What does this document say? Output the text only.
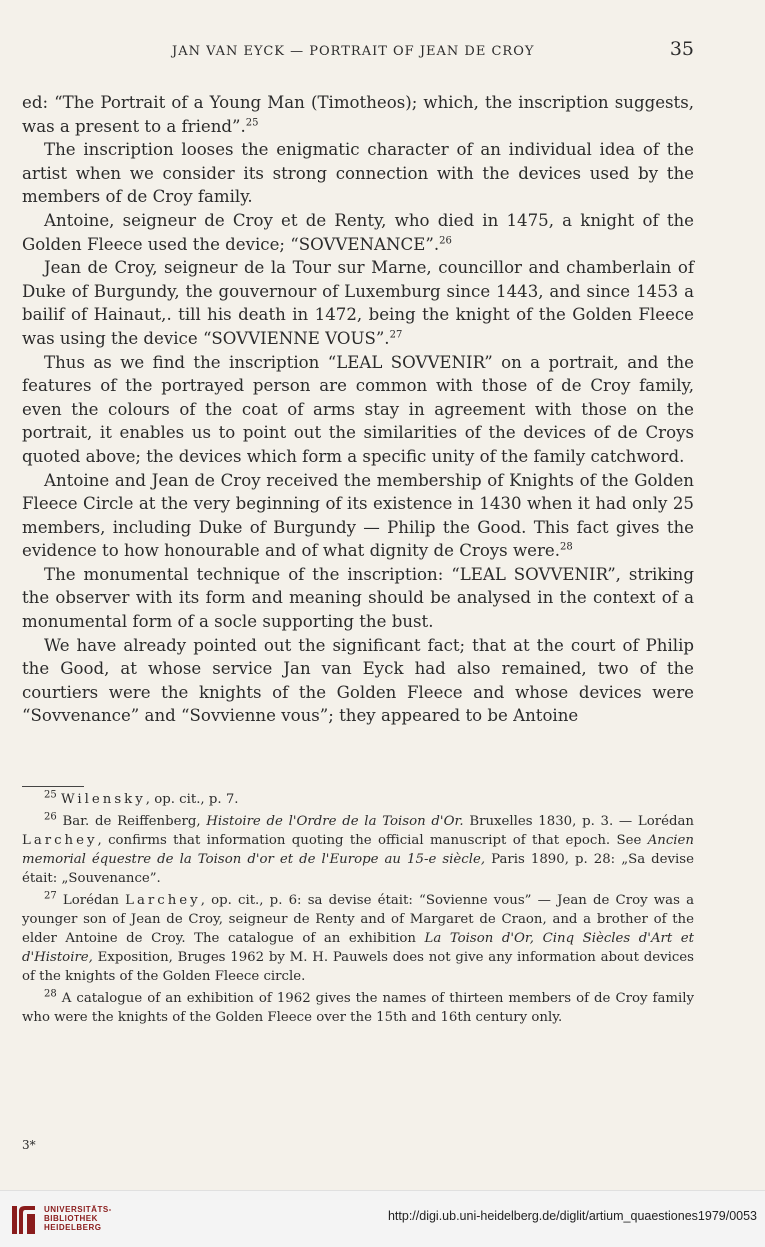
JAN VAN EYCK — PORTRAIT OF JEAN DE CROY	35

ed: “The Portrait of a Young Man (Timotheos); which, the inscription suggests, was a present to a friend”.$^{25}$

The inscription looses the enigmatic character of an individual idea of the artist when we consider its strong connection with the devices used by the members of de Croy family.

Antoine, seigneur de Croy et de Renty, who died in 1475, a knight of the Golden Fleece used the device; “SOVVENANCE”.$^{26}$

Jean de Croy, seigneur de la Tour sur Marne, councillor and chamberlain of Duke of Burgundy, the gouvernour of Luxemburg since 1443, and since 1453 a bailif of Hainaut,. till his death in 1472, being the knight of the Golden Fleece was using the device “SOVVIENNE VOUS”.$^{27}$

Thus as we find the inscription “LEAL SOVVENIR” on a portrait, and the features of the portrayed person are common with those of de Croy family, even the colours of the coat of arms stay in agreement with those on the portrait, it enables us to point out the similarities of the devices of de Croys quoted above; the devices which form a specific unity of the family catchword.

Antoine and Jean de Croy received the membership of Knights of the Golden Fleece Circle at the very beginning of its existence in 1430 when it had only 25 members, including Duke of Burgundy — Philip the Good. This fact gives the evidence to how honourable and of what dignity de Croys were.$^{28}$

The monumental technique of the inscription: “LEAL SOVVENIR”, striking the observer with its form and meaning should be analysed in the context of a monumental form of a socle supporting the bust.

We have already pointed out the significant fact; that at the court of Philip the Good, at whose service Jan van Eyck had also remained, two of the courtiers were the knights of the Golden Fleece and whose devices were “Sovvenance” and “Sovvienne vous”; they appeared to be Antoine

$^{25}$ Wilensky, op. cit., p. 7.

$^{26}$ Bar. de Reiffenberg, Histoire de l'Ordre de la Toison d'Or. Bruxelles 1830, p. 3. — Lorédan Larchey, confirms that information quoting the official manuscript of that epoch. See Ancien memorial équestre de la Toison d'or et de l'Europe au 15-e siècle, Paris 1890, p. 28: „Sa devise était: „Souvenance”.

$^{27}$ Lorédan Larchey, op. cit., p. 6: sa devise était: “Sovienne vous” — Jean de Croy was a younger son of Jean de Croy, seigneur de Renty and of Margaret de Craon, and a brother of the elder Antoine de Croy. The catalogue of an exhibition La Toison d'Or, Cinq Siècles d'Art et d'Histoire, Exposition, Bruges 1962 by M. H. Pauwels does not give any information about devices of the knights of the Golden Fleece circle.

$^{28}$ A catalogue of an exhibition of 1962 gives the names of thirteen members of de Croy family who were the knights of the Golden Fleece over the 15th and 16th century only.

3*
UNIVERSITÄTS-
BIBLIOTHEK
HEIDELBERG
http://digi.ub.uni-heidelberg.de/diglit/artium_quaestiones1979/0053
